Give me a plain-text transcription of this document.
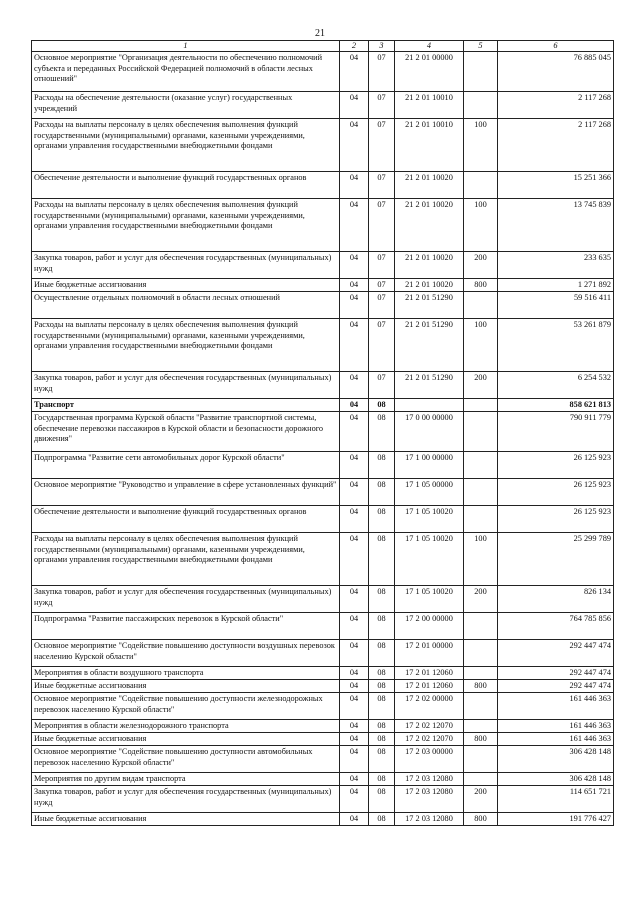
21
1	2	3	4	5	6
Основное мероприятие "Организация деятельности по обеспечению полномочий субъекта и переданных Российской Федерацией полномочий в области лесных отношений"	04	07	21 2 01 00000		76 885 045
Расходы на обеспечение деятельности (оказание услуг) государственных учреждений	04	07	21 2 01 10010		2 117 268
Расходы на выплаты персоналу в целях обеспечения выполнения функций государственными (муниципальными) органами, казенными учреждениями, органами управления государственными внебюджетными фондами	04	07	21 2 01 10010	100	2 117 268
Обеспечение деятельности и выполнение функций государственных органов	04	07	21 2 01 10020		15 251 366
Расходы на выплаты персоналу в целях обеспечения выполнения функций государственными (муниципальными) органами, казенными учреждениями, органами управления государственными внебюджетными фондами	04	07	21 2 01 10020	100	13 745 839
Закупка товаров, работ и услуг для обеспечения государственных (муниципальных) нужд	04	07	21 2 01 10020	200	233 635
Иные бюджетные ассигнования	04	07	21 2 01 10020	800	1 271 892
Осуществление отдельных полномочий в области лесных отношений	04	07	21 2 01 51290		59 516 411
Расходы на выплаты персоналу в целях обеспечения выполнения функций государственными (муниципальными) органами, казенными учреждениями, органами управления государственными внебюджетными фондами	04	07	21 2 01 51290	100	53 261 879
Закупка товаров, работ и услуг для обеспечения государственных (муниципальных) нужд	04	07	21 2 01 51290	200	6 254 532
Транспорт	04	08			858 621 813
Государственная программа Курской области "Развитие транспортной системы, обеспечение перевозки пассажиров в Курской области и безопасности дорожного движения"	04	08	17 0 00 00000		790 911 779
Подпрограмма "Развитие сети автомобильных дорог Курской области"	04	08	17 1 00 00000		26 125 923
Основное мероприятие "Руководство и управление в сфере установленных функций"	04	08	17 1 05 00000		26 125 923
Обеспечение деятельности и выполнение функций государственных органов	04	08	17 1 05 10020		26 125 923
Расходы на выплаты персоналу в целях обеспечения выполнения функций государственными (муниципальными) органами, казенными учреждениями, органами управления государственными внебюджетными фондами	04	08	17 1 05 10020	100	25 299 789
Закупка товаров, работ и услуг для обеспечения государственных (муниципальных) нужд	04	08	17 1 05 10020	200	826 134
Подпрограмма "Развитие пассажирских перевозок в Курской области"	04	08	17 2 00 00000		764 785 856
Основное мероприятие "Содействие повышению доступности воздушных перевозок населению Курской области"	04	08	17 2 01 00000		292 447 474
Мероприятия в области воздушного транспорта	04	08	17 2 01 12060		292 447 474
Иные бюджетные ассигнования	04	08	17 2 01 12060	800	292 447 474
Основное мероприятие "Содействие повышению доступности железнодорожных перевозок населению Курской области"	04	08	17 2 02 00000		161 446 363
Мероприятия в области железнодорожного транспорта	04	08	17 2 02 12070		161 446 363
Иные бюджетные ассигнования	04	08	17 2 02 12070	800	161 446 363
Основное мероприятие "Содействие повышению доступности автомобильных перевозок населению Курской области"	04	08	17 2 03 00000		306 428 148
Мероприятия по другим видам транспорта	04	08	17 2 03 12080		306 428 148
Закупка товаров, работ и услуг для обеспечения государственных (муниципальных) нужд	04	08	17 2 03 12080	200	114 651 721
Иные бюджетные ассигнования	04	08	17 2 03 12080	800	191 776 427
